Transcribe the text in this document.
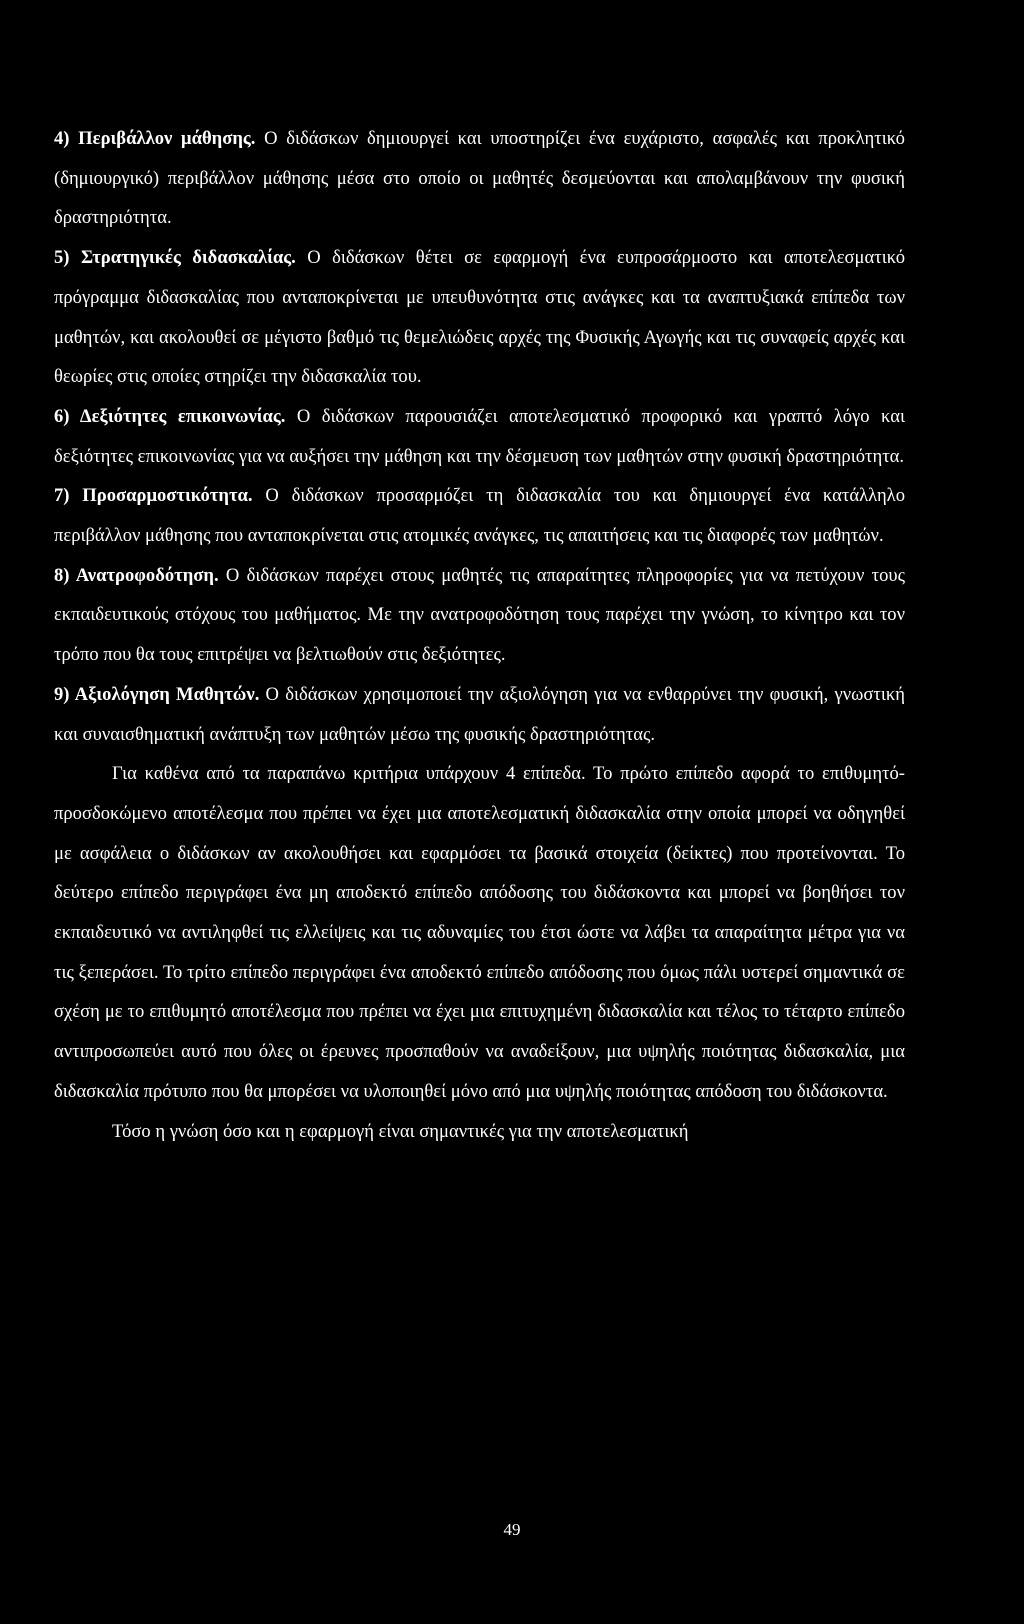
4) Περιβάλλον μάθησης. Ο διδάσκων δημιουργεί και υποστηρίζει ένα ευχάριστο, ασφαλές και προκλητικό (δημιουργικό) περιβάλλον μάθησης μέσα στο οποίο οι μαθητές δεσμεύονται και απολαμβάνουν την φυσική δραστηριότητα.

5) Στρατηγικές διδασκαλίας. Ο διδάσκων θέτει σε εφαρμογή ένα ευπροσάρμοστο και αποτελεσματικό πρόγραμμα διδασκαλίας που ανταποκρίνεται με υπευθυνότητα στις ανάγκες και τα αναπτυξιακά επίπεδα των μαθητών, και ακολουθεί σε μέγιστο βαθμό τις θεμελιώδεις αρχές της Φυσικής Αγωγής και τις συναφείς αρχές και θεωρίες στις οποίες στηρίζει την διδασκαλία του.

6) Δεξιότητες επικοινωνίας. Ο διδάσκων παρουσιάζει αποτελεσματικό προφορικό και γραπτό λόγο και δεξιότητες επικοινωνίας για να αυξήσει την μάθηση και την δέσμευση των μαθητών στην φυσική δραστηριότητα.

7) Προσαρμοστικότητα. Ο διδάσκων προσαρμόζει τη διδασκαλία του και δημιουργεί ένα κατάλληλο περιβάλλον μάθησης που ανταποκρίνεται στις ατομικές ανάγκες, τις απαιτήσεις και τις διαφορές των μαθητών.

8) Ανατροφοδότηση. Ο διδάσκων παρέχει στους μαθητές τις απαραίτητες πληροφορίες για να πετύχουν τους εκπαιδευτικούς στόχους του μαθήματος. Με την ανατροφοδότηση τους παρέχει την γνώση, το κίνητρο και τον τρόπο που θα τους επιτρέψει να βελτιωθούν στις δεξιότητες.

9) Αξιολόγηση Μαθητών. Ο διδάσκων χρησιμοποιεί την αξιολόγηση για να ενθαρρύνει την φυσική, γνωστική και συναισθηματική ανάπτυξη των μαθητών μέσω της φυσικής δραστηριότητας.

Για καθένα από τα παραπάνω κριτήρια υπάρχουν 4 επίπεδα. Το πρώτο επίπεδο αφορά το επιθυμητό- προσδοκώμενο αποτέλεσμα που πρέπει να έχει μια αποτελεσματική διδασκαλία στην οποία μπορεί να οδηγηθεί με ασφάλεια ο διδάσκων αν ακολουθήσει και εφαρμόσει τα βασικά στοιχεία (δείκτες) που προτείνονται. Το δεύτερο επίπεδο περιγράφει ένα μη αποδεκτό επίπεδο απόδοσης του διδάσκοντα και μπορεί να βοηθήσει τον εκπαιδευτικό να αντιληφθεί τις ελλείψεις και τις αδυναμίες του έτσι ώστε να λάβει τα απαραίτητα μέτρα για να τις ξεπεράσει. Το τρίτο επίπεδο περιγράφει ένα αποδεκτό επίπεδο απόδοσης που όμως πάλι υστερεί σημαντικά σε σχέση με το επιθυμητό αποτέλεσμα που πρέπει να έχει μια επιτυχημένη διδασκαλία και τέλος το τέταρτο επίπεδο αντιπροσωπεύει αυτό που όλες οι έρευνες προσπαθούν να αναδείξουν, μια υψηλής ποιότητας διδασκαλία, μια διδασκαλία πρότυπο που θα μπορέσει να υλοποιηθεί μόνο από μια υψηλής ποιότητας απόδοση του διδάσκοντα.

Τόσο η γνώση όσο και η εφαρμογή είναι σημαντικές για την αποτελεσματική

49
